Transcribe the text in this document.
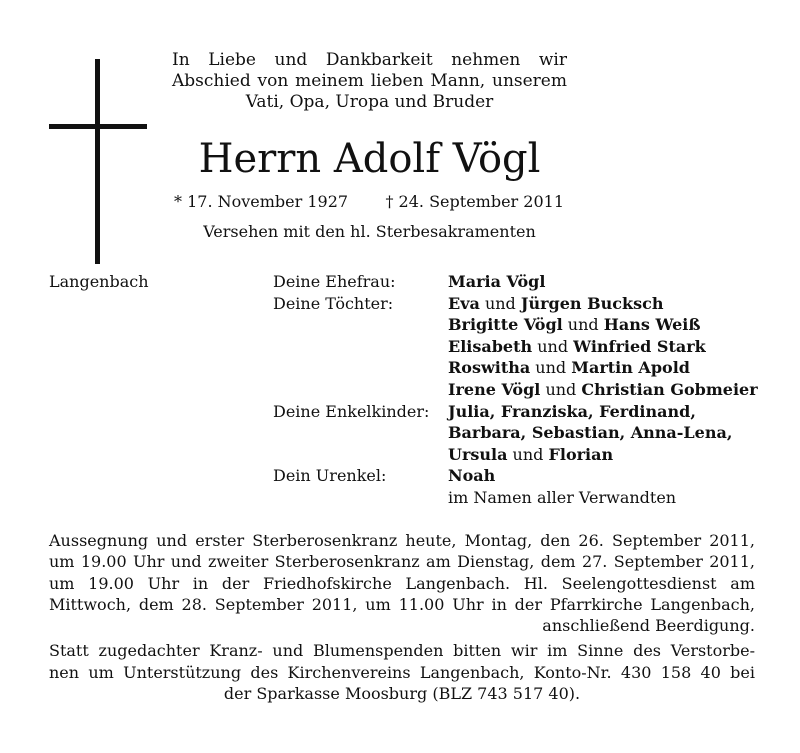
In Liebe und Dankbarkeit nehmen wir
Abschied von meinem lieben Mann, unserem
Vati, Opa, Uropa und Bruder
Herrn Adolf Vögl
* 17. November 1927 † 24. September 2011
Versehen mit den hl. Sterbesakramenten
Langenbach	Deine Ehefrau:	Maria Vögl
Deine Töchter:	Eva und Jürgen Bucksch
Brigitte Vögl und Hans Weiß
Elisabeth und Winfried Stark
Roswitha und Martin Apold
Irene Vögl und Christian Gobmeier
Deine Enkelkinder: Julia, Franziska, Ferdinand,
Barbara, Sebastian, Anna-Lena,
Ursula und Florian
Dein Urenkel:	Noah
im Namen aller Verwandten

Aussegnung und erster Sterberosenkranz heute, Montag, den 26. September 2011,
um 19.00 Uhr und zweiter Sterberosenkranz am Dienstag, dem 27. September 2011,
um 19.00 Uhr in der Friedhofskirche Langenbach. Hl. Seelengottesdienst am
Mittwoch, dem 28. September 2011, um 11.00 Uhr in der Pfarrkirche Langenbach,
anschließend Beerdigung.

Statt zugedachter Kranz- und Blumenspenden bitten wir im Sinne des Verstorbe-
nen um Unterstützung des Kirchenvereins Langenbach, Konto-Nr. 430 158 40 bei
der Sparkasse Moosburg (BLZ 743 517 40).
